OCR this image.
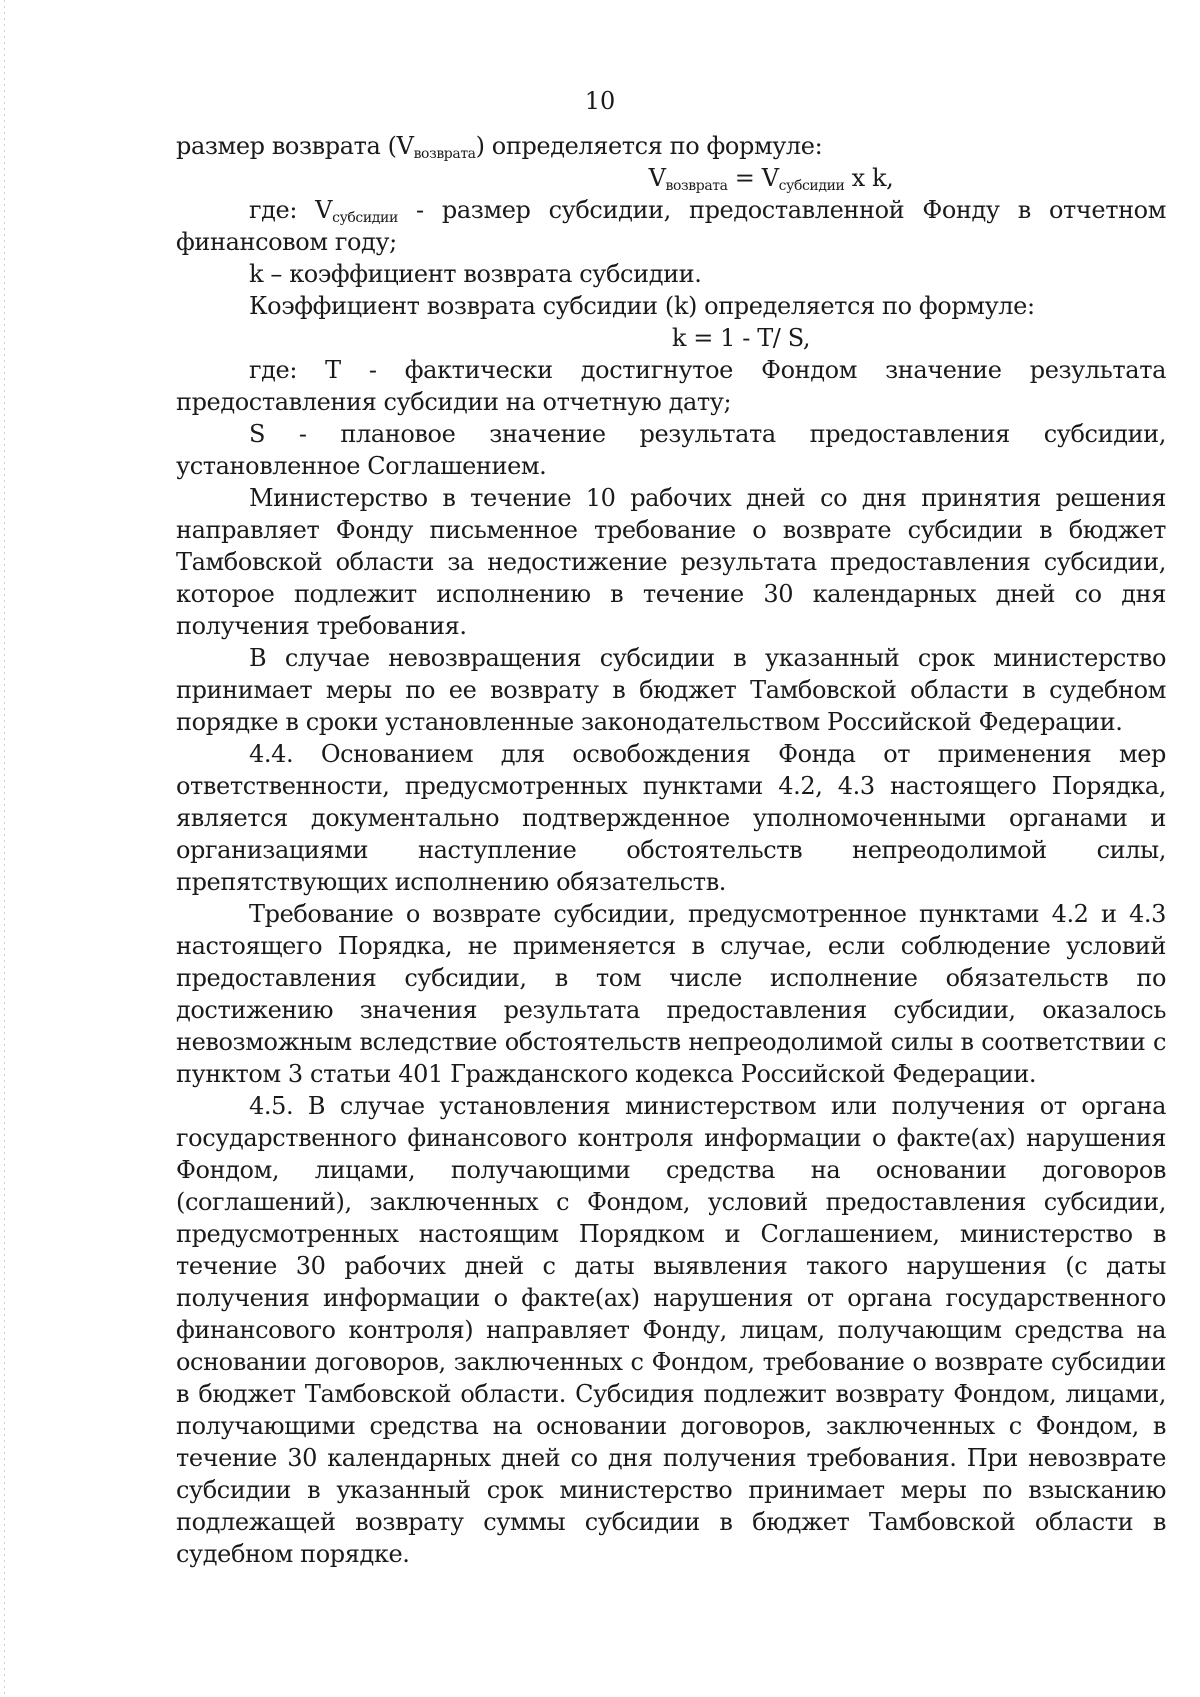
10

размер возврата $(V_{возврата})$ определяется по формуле:

$V_{возврата} = V_{субсидии}$ х k,

где: $V_{субсидии}$ - размер субсидии, предоставленной Фонду в отчетном финансовом году;

k – коэффициент возврата субсидии.

Коэффициент возврата субсидии (k) определяется по формуле:

k = 1 - T/ S,

где: Т - фактически достигнутое Фондом значение результата предоставления субсидии на отчетную дату;

S - плановое значение результата предоставления субсидии, установленное Соглашением.

Министерство в течение 10 рабочих дней со дня принятия решения направляет Фонду письменное требование о возврате субсидии в бюджет Тамбовской области за недостижение результата предоставления субсидии, которое подлежит исполнению в течение 30 календарных дней со дня получения требования.

В случае невозвращения субсидии в указанный срок министерство принимает меры по ее возврату в бюджет Тамбовской области в судебном порядке в сроки установленные законодательством Российской Федерации.

4.4. Основанием для освобождения Фонда от применения мер ответственности, предусмотренных пунктами 4.2, 4.3 настоящего Порядка, является документально подтвержденное уполномоченными органами и организациями наступление обстоятельств непреодолимой силы, препятствующих исполнению обязательств.

Требование о возврате субсидии, предусмотренное пунктами 4.2 и 4.3 настоящего Порядка, не применяется в случае, если соблюдение условий предоставления субсидии, в том числе исполнение обязательств по достижению значения результата предоставления субсидии, оказалось невозможным вследствие обстоятельств непреодолимой силы в соответствии с пунктом 3 статьи 401 Гражданского кодекса Российской Федерации.

4.5. В случае установления министерством или получения от органа государственного финансового контроля информации о факте(ах) нарушения Фондом, лицами, получающими средства на основании договоров (соглашений), заключенных с Фондом, условий предоставления субсидии, предусмотренных настоящим Порядком и Соглашением, министерство в течение 30 рабочих дней с даты выявления такого нарушения (с даты получения информации о факте(ах) нарушения от органа государственного финансового контроля) направляет Фонду, лицам, получающим средства на основании договоров, заключенных с Фондом, требование о возврате субсидии в бюджет Тамбовской области. Субсидия подлежит возврату Фондом, лицами, получающими средства на основании договоров, заключенных с Фондом, в течение 30 календарных дней со дня получения требования. При невозврате субсидии в указанный срок министерство принимает меры по взысканию подлежащей возврату суммы субсидии в бюджет Тамбовской области в судебном порядке.
